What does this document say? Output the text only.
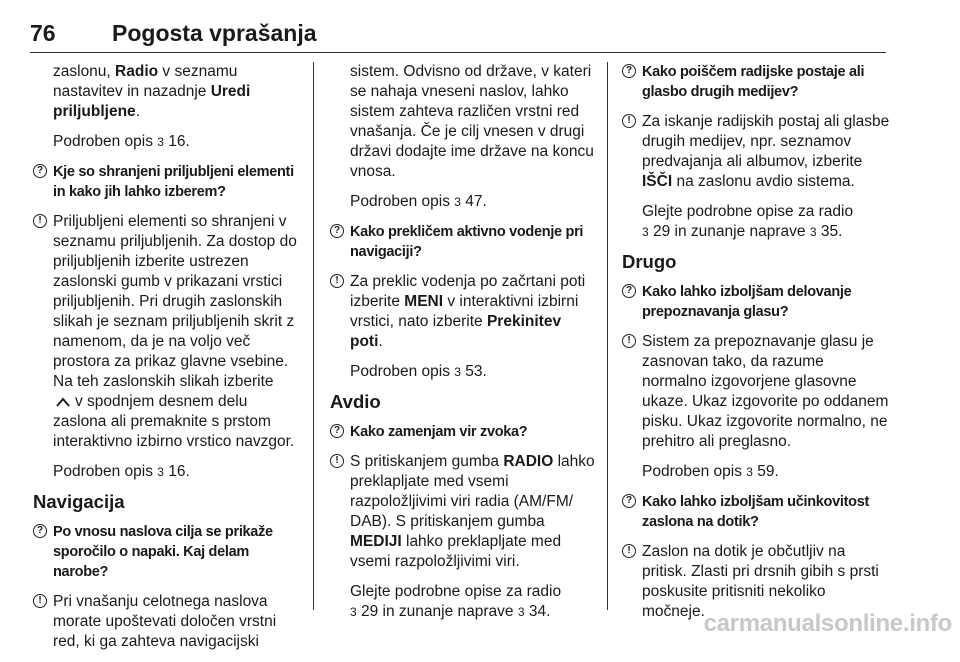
76 Pogosta vprašanja

zaslonu, Radio v seznamu nastavitev in nazadnje Uredi priljubljene.

Podroben opis 3 16.

? Kje so shranjeni priljubljeni elementi in kako jih lahko izberem?
! Priljubljeni elementi so shranjeni v seznamu priljubljenih. Za dostop do priljubljenih izberite ustrezen zaslonski gumb v prikazani vrstici priljubljenih. Pri drugih zaslonskih slikah je seznam priljubljenih skrit z namenom, da je na voljo več prostora za prikaz glavne vsebine. Na teh zaslonskih slikah izberite
v spodnjem desnem delu zaslona ali premaknite s prstom interaktivno izbirno vrstico navzgor.

Podroben opis 3 16.

Navigacija
? Po vnosu naslova cilja se prikaže sporočilo o napaki. Kaj delam narobe?
! Pri vnašanju celotnega naslova morate upoštevati določen vrstni red, ki ga zahteva navigacijski

sistem. Odvisno od države, v kateri se nahaja vneseni naslov, lahko sistem zahteva različen vrstni red vnašanja. Če je cilj vnesen v drugi državi dodajte ime države na koncu vnosa.

Podroben opis 3 47.

? Kako prekličem aktivno vodenje pri navigaciji?
! Za preklic vodenja po začrtani poti izberite MENI v interaktivni izbirni vrstici, nato izberite Prekinitev poti.

Podroben opis 3 53.

Avdio
? Kako zamenjam vir zvoka?
! S pritiskanjem gumba RADIO lahko preklapljate med vsemi razpoložljivimi viri radia (AM/FM/ DAB). S pritiskanjem gumba MEDIJI lahko preklapljate med vsemi razpoložljivimi viri.

Glejte podrobne opise za radio
3 29 in zunanje naprave 3 34.

? Kako poiščem radijske postaje ali glasbo drugih medijev?
! Za iskanje radijskih postaj ali glasbe drugih medijev, npr. seznamov predvajanja ali albumov, izberite IŠČI na zaslonu avdio sistema.

Glejte podrobne opise za radio
3 29 in zunanje naprave 3 35.

Drugo
? Kako lahko izboljšam delovanje prepoznavanja glasu?
! Sistem za prepoznavanje glasu je zasnovan tako, da razume normalno izgovorjene glasovne ukaze. Ukaz izgovorite po oddanem pisku. Ukaz izgovorite normalno, ne prehitro ali preglasno.

Podroben opis 3 59.

? Kako lahko izboljšam učinkovitost zaslona na dotik?
! Zaslon na dotik je občutljiv na pritisk. Zlasti pri drsnih gibih s prsti poskusite pritisniti nekoliko močneje.
carmanualsonline.info
